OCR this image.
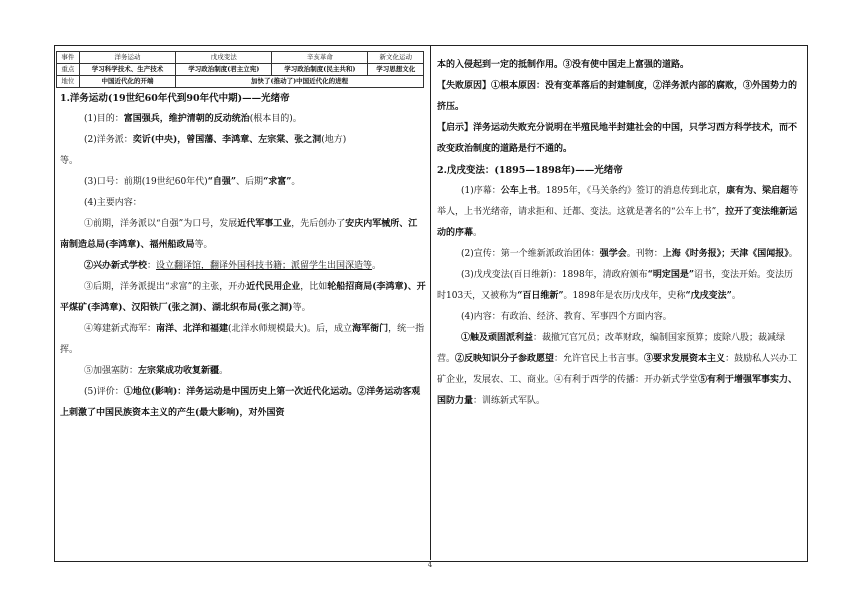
事件	洋务运动	戊戌变法	辛亥革命	新文化运动
重点	学习科学技术、生产技术	学习政治制度(君主立宪)	学习政治制度(民主共和)	学习思想文化
地位	中国近代化的开端	加快了(推动了)中国近代化的进程		

1.洋务运动(19世纪60年代到90年代中期)——光绪帝

(1)目的：富国强兵，维护清朝的反动统治(根本目的)。

(2)洋务派：奕䜣(中央)，曾国藩、李鸿章、左宗棠、张之洞(地方)
等。

(3)口号：前期(19世纪60年代)“自强”、后期“求富”。

(4)主要内容：

①前期，洋务派以“自强”为口号，发展近代军事工业，先后创办了安庆内军械所、江南制造总局(李鸿章)、福州船政局等。

②兴办新式学校：设立翻译馆，翻译外国科技书籍；派留学生出国深造等。

③后期，洋务派提出“求富”的主张，开办近代民用企业，比如轮船招商局(李鸿章)、开平煤矿(李鸿章)、汉阳铁厂(张之洞)、湖北织布局(张之洞)等。

④筹建新式海军：南洋、北洋和福建(北洋水师规模最大)。后，成立海军衙门，统一指挥。

⑤加强塞防：左宗棠成功收复新疆。

(5)评价：①地位(影响)：洋务运动是中国历史上第一次近代化运动。②洋务运动客观上刺激了中国民族资本主义的产生(最大影响)，对外国资

本的入侵起到一定的抵制作用。③没有使中国走上富强的道路。

【失败原因】①根本原因：没有变革落后的封建制度，②洋务派内部的腐败，③外国势力的挤压。

【启示】洋务运动失败充分说明在半殖民地半封建社会的中国，只学习西方科学技术，而不改变政治制度的道路是行不通的。

2.戊戌变法：(1895—1898年)——光绪帝

(1)序幕：公车上书。1895年，《马关条约》签订的消息传到北京，康有为、梁启超等举人，上书光绪帝，请求拒和、迁都、变法。这就是著名的“公车上书”，拉开了变法维新运动的序幕。

(2)宣传：第一个维新派政治团体：强学会。刊物：上海《时务报》；天津《国闻报》。

(3)戊戌变法(百日维新)：1898年，清政府颁布“明定国是”诏书，变法开始。变法历时103天，又被称为“百日维新”。1898年是农历戊戌年，史称“戊戌变法”。

(4)内容：有政治、经济、教育、军事四个方面内容。

①触及顽固派利益：裁撤冗官冗员；改革财政，编制国家预算；废除八股；裁减绿营。②反映知识分子参政愿望：允许官民上书言事。③要求发展资本主义：鼓励私人兴办工矿企业，发展农、工、商业。④有利于西学的传播：开办新式学堂⑤有利于增强军事实力、国防力量：训练新式军队。

4
